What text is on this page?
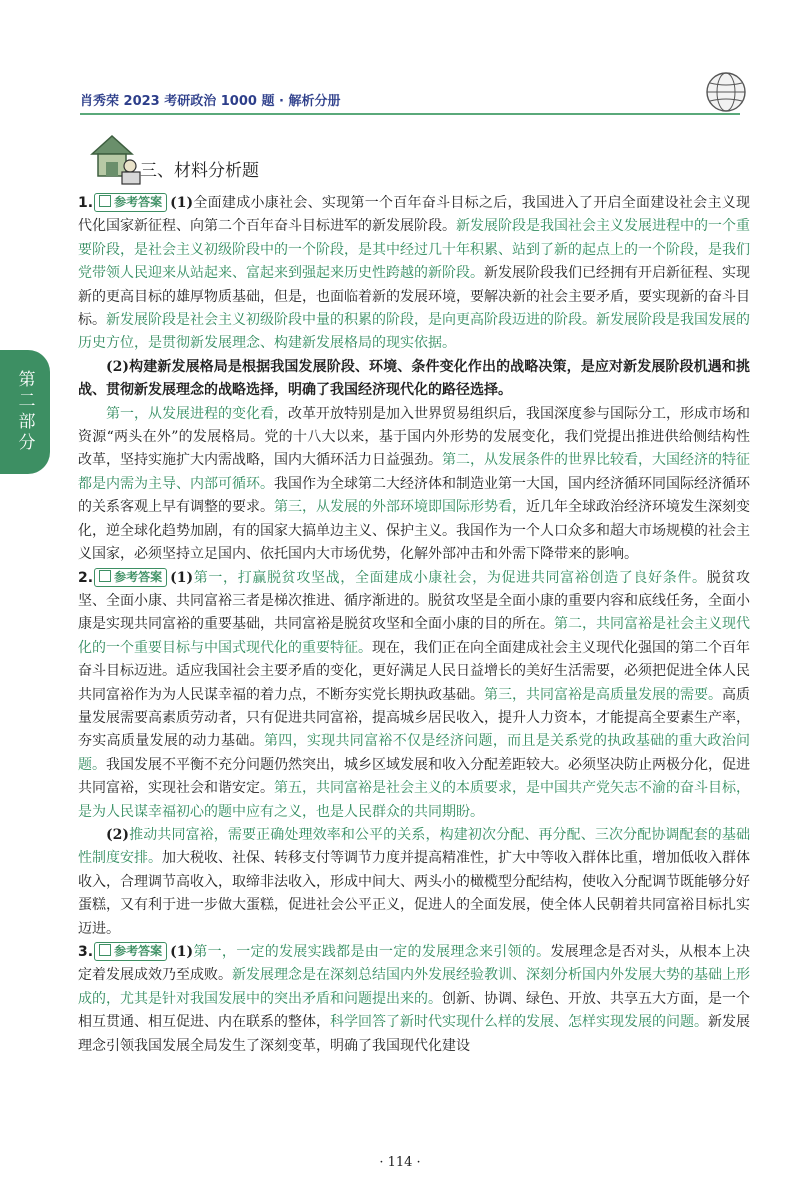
肖秀荣 2023 考研政治 1000 题 · 解析分册
三、材料分析题
第二部分

1. 参考答案 (1)全面建成小康社会、实现第一个百年奋斗目标之后，我国进入了开启全面建设社会主义现代化国家新征程、向第二个百年奋斗目标进军的新发展阶段。新发展阶段是我国社会主义发展进程中的一个重要阶段，是社会主义初级阶段中的一个阶段，是其中经过几十年积累、站到了新的起点上的一个阶段，是我们党带领人民迎来从站起来、富起来到强起来历史性跨越的新阶段。新发展阶段我们已经拥有开启新征程、实现新的更高目标的雄厚物质基础，但是，也面临着新的发展环境，要解决新的社会主要矛盾，要实现新的奋斗目标。新发展阶段是社会主义初级阶段中量的积累的阶段，是向更高阶段迈进的阶段。新发展阶段是我国发展的历史方位，是贯彻新发展理念、构建新发展格局的现实依据。

(2)构建新发展格局是根据我国发展阶段、环境、条件变化作出的战略决策，是应对新发展阶段机遇和挑战、贯彻新发展理念的战略选择，明确了我国经济现代化的路径选择。

第一，从发展进程的变化看，改革开放特别是加入世界贸易组织后，我国深度参与国际分工，形成市场和资源“两头在外”的发展格局。党的十八大以来，基于国内外形势的发展变化，我们党提出推进供给侧结构性改革，坚持实施扩大内需战略，国内大循环活力日益强劲。第二，从发展条件的世界比较看，大国经济的特征都是内需为主导、内部可循环。我国作为全球第二大经济体和制造业第一大国，国内经济循环同国际经济循环的关系客观上早有调整的要求。第三，从发展的外部环境即国际形势看，近几年全球政治经济环境发生深刻变化，逆全球化趋势加剧，有的国家大搞单边主义、保护主义。我国作为一个人口众多和超大市场规模的社会主义国家，必须坚持立足国内、依托国内大市场优势，化解外部冲击和外需下降带来的影响。

2. 参考答案 (1)第一，打赢脱贫攻坚战，全面建成小康社会，为促进共同富裕创造了良好条件。脱贫攻坚、全面小康、共同富裕三者是梯次推进、循序渐进的。脱贫攻坚是全面小康的重要内容和底线任务，全面小康是实现共同富裕的重要基础，共同富裕是脱贫攻坚和全面小康的目的所在。第二，共同富裕是社会主义现代化的一个重要目标与中国式现代化的重要特征。现在，我们正在向全面建成社会主义现代化强国的第二个百年奋斗目标迈进。适应我国社会主要矛盾的变化，更好满足人民日益增长的美好生活需要，必须把促进全体人民共同富裕作为为人民谋幸福的着力点，不断夯实党长期执政基础。第三，共同富裕是高质量发展的需要。高质量发展需要高素质劳动者，只有促进共同富裕，提高城乡居民收入，提升人力资本，才能提高全要素生产率，夯实高质量发展的动力基础。第四，实现共同富裕不仅是经济问题，而且是关系党的执政基础的重大政治问题。我国发展不平衡不充分问题仍然突出，城乡区域发展和收入分配差距较大。必须坚决防止两极分化，促进共同富裕，实现社会和谐安定。第五，共同富裕是社会主义的本质要求，是中国共产党矢志不渝的奋斗目标，是为人民谋幸福初心的题中应有之义，也是人民群众的共同期盼。

(2)推动共同富裕，需要正确处理效率和公平的关系，构建初次分配、再分配、三次分配协调配套的基础性制度安排。加大税收、社保、转移支付等调节力度并提高精准性，扩大中等收入群体比重，增加低收入群体收入，合理调节高收入，取缔非法收入，形成中间大、两头小的橄榄型分配结构，使收入分配调节既能够分好蛋糕，又有利于进一步做大蛋糕，促进社会公平正义，促进人的全面发展，使全体人民朝着共同富裕目标扎实迈进。

3. 参考答案 (1)第一，一定的发展实践都是由一定的发展理念来引领的。发展理念是否对头，从根本上决定着发展成效乃至成败。新发展理念是在深刻总结国内外发展经验教训、深刻分析国内外发展大势的基础上形成的，尤其是针对我国发展中的突出矛盾和问题提出来的。创新、协调、绿色、开放、共享五大方面，是一个相互贯通、相互促进、内在联系的整体，科学回答了新时代实现什么样的发展、怎样实现发展的问题。新发展理念引领我国发展全局发生了深刻变革，明确了我国现代化建设

· 114 ·
